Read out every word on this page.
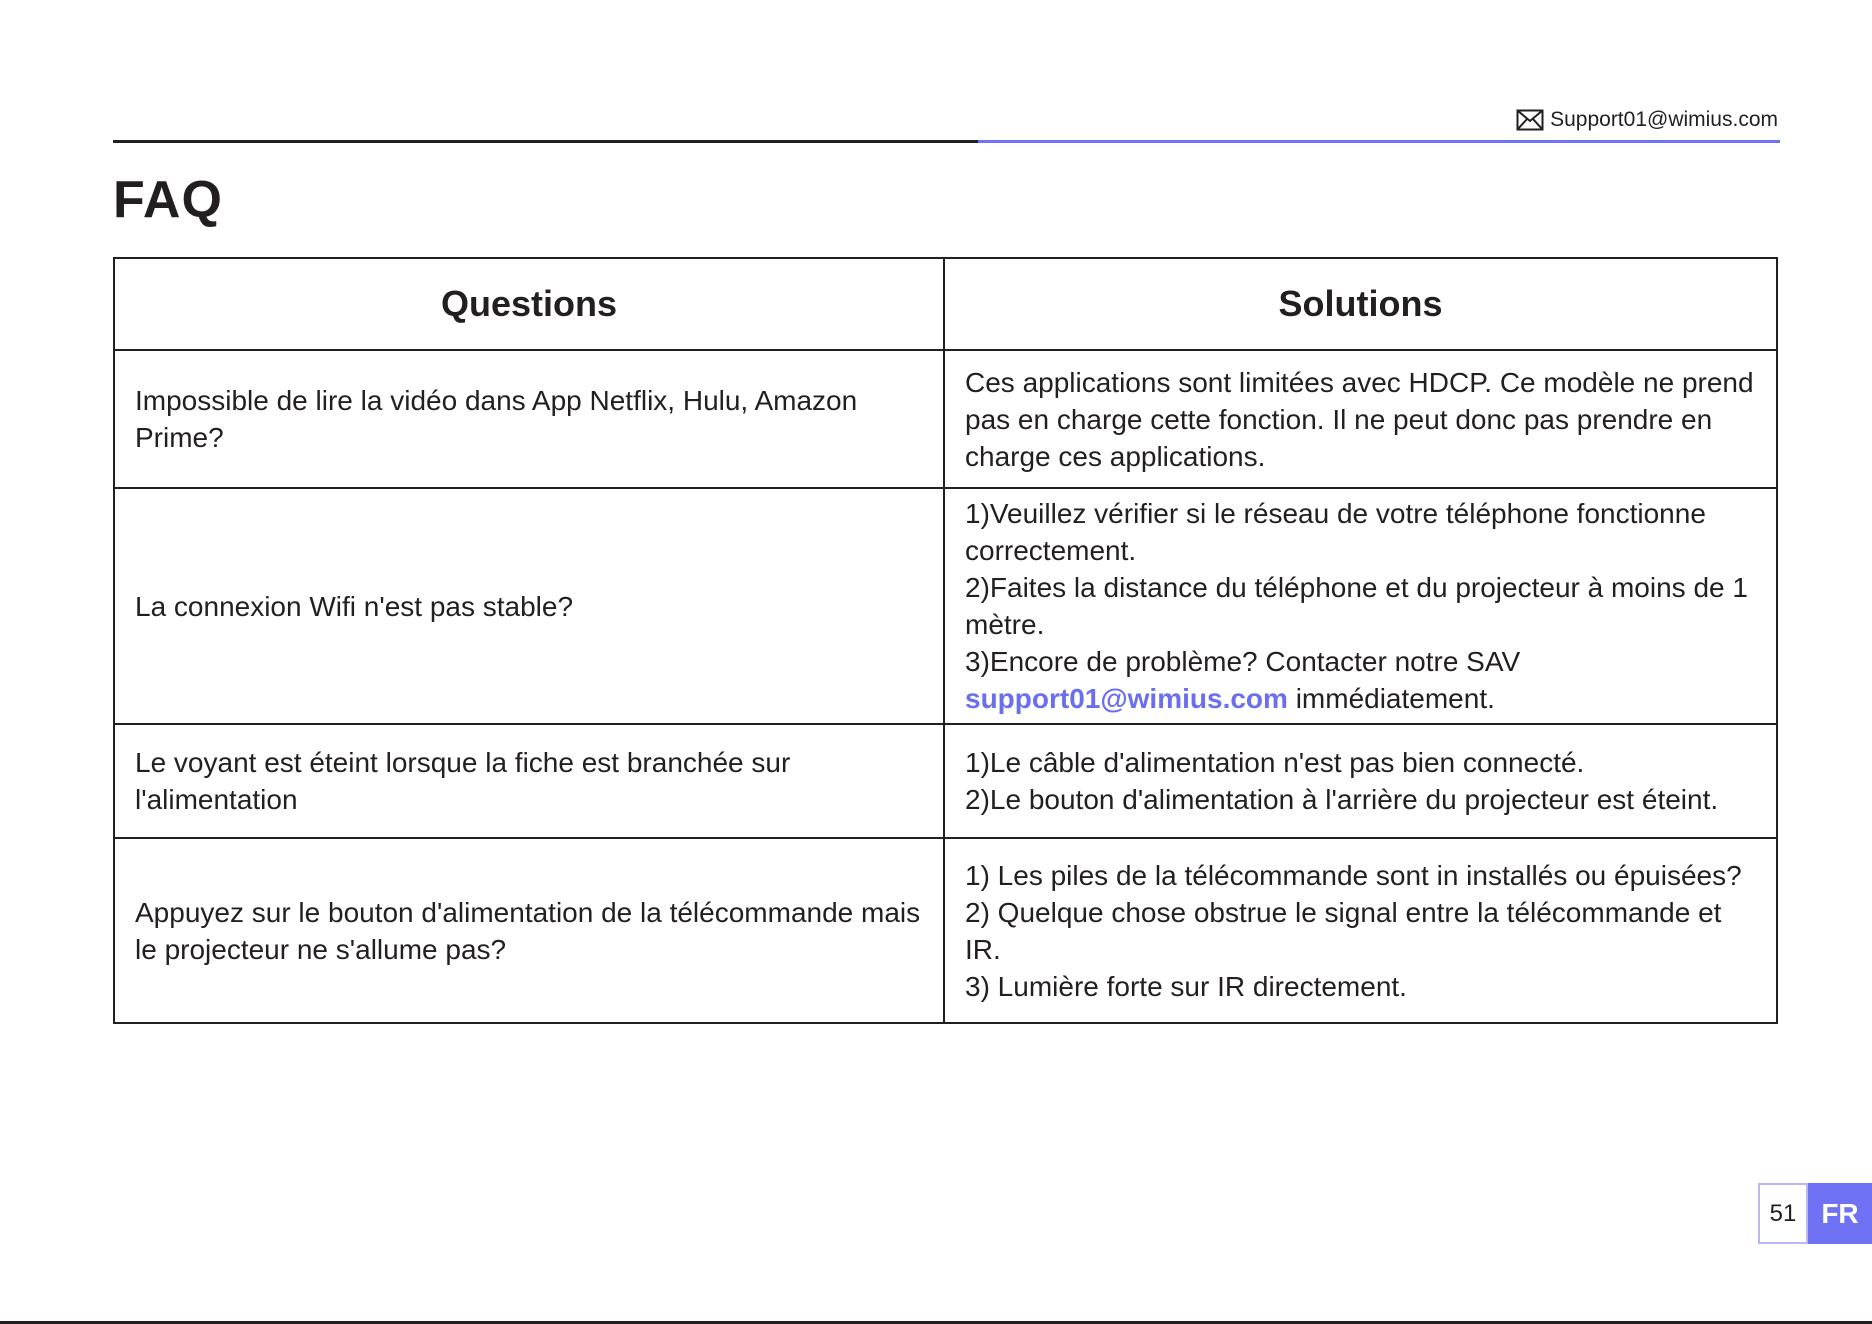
Support01@wimius.com
FAQ
Questions	Solutions
Impossible de lire la vidéo dans App Netflix, Hulu, Amazon Prime?	Ces applications sont limitées avec HDCP. Ce modèle ne prend pas en charge cette fonction. Il ne peut donc pas prendre en charge ces applications.

La connexion Wifi n'est pas stable?	1)Veuillez vérifier si le réseau de votre téléphone fonctionne correctement.
2)Faites la distance du téléphone et du projecteur à moins de 1 mètre.
3)Encore de problème? Contacter notre SAV
support01@wimius.com immédiatement.

Le voyant est éteint lorsque la fiche est branchée sur l'alimentation	1)Le câble d'alimentation n'est pas bien connecté.
2)Le bouton d'alimentation à l'arrière du projecteur est éteint.

Appuyez sur le bouton d'alimentation de la télécommande mais le projecteur ne s'allume pas?	1) Les piles de la télécommande sont in installés ou épuisées?
2) Quelque chose obstrue le signal entre la télécommande et IR.
3) Lumière forte sur IR directement.
51 FR
